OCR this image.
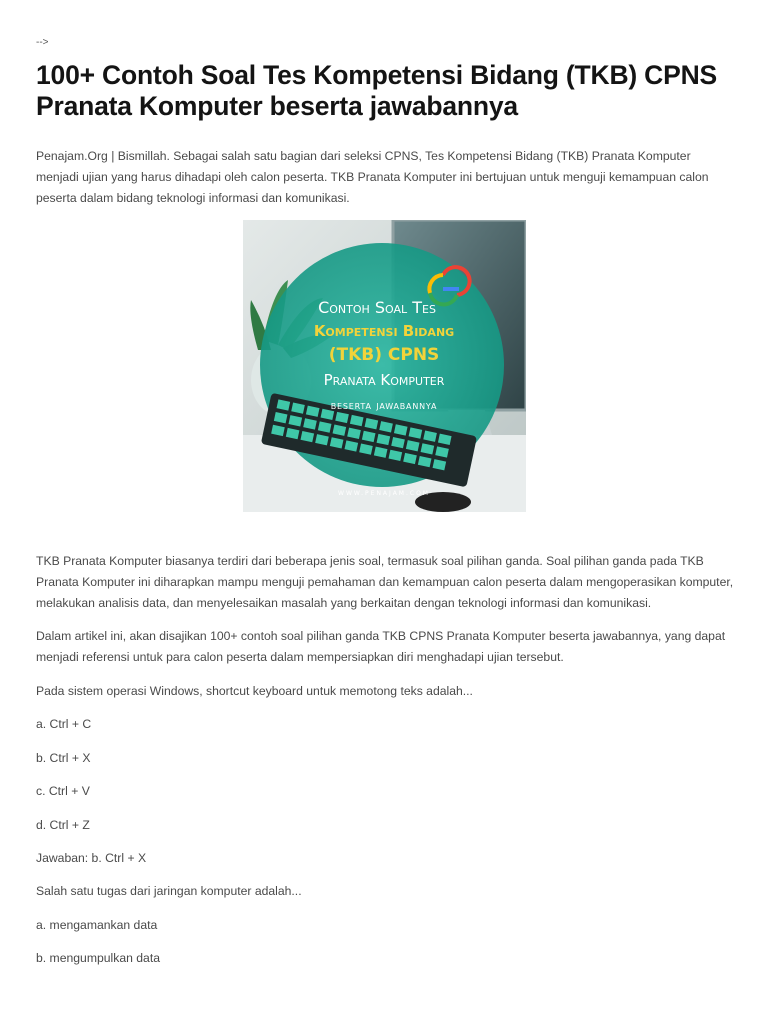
-->
100+ Contoh Soal Tes Kompetensi Bidang (TKB) CPNS Pranata Komputer beserta jawabannya

Penajam.Org | Bismillah. Sebagai salah satu bagian dari seleksi CPNS, Tes Kompetensi Bidang (TKB) Pranata Komputer menjadi ujian yang harus dihadapi oleh calon peserta. TKB Pranata Komputer ini bertujuan untuk menguji kemampuan calon peserta dalam bidang teknologi informasi dan komunikasi.

Contoh Soal Tes
Kompetensi Bidang
(TKB) CPNS
Pranata Komputer
beserta jawabannya
WWW.PENAJAM.COM

TKB Pranata Komputer biasanya terdiri dari beberapa jenis soal, termasuk soal pilihan ganda. Soal pilihan ganda pada TKB Pranata Komputer ini diharapkan mampu menguji pemahaman dan kemampuan calon peserta dalam mengoperasikan komputer, melakukan analisis data, dan menyelesaikan masalah yang berkaitan dengan teknologi informasi dan komunikasi.

Dalam artikel ini, akan disajikan 100+ contoh soal pilihan ganda TKB CPNS Pranata Komputer beserta jawabannya, yang dapat menjadi referensi untuk para calon peserta dalam mempersiapkan diri menghadapi ujian tersebut.

Pada sistem operasi Windows, shortcut keyboard untuk memotong teks adalah...

a. Ctrl + C

b. Ctrl + X

c. Ctrl + V

d. Ctrl + Z

Jawaban: b. Ctrl + X

Salah satu tugas dari jaringan komputer adalah...

a. mengamankan data

b. mengumpulkan data
